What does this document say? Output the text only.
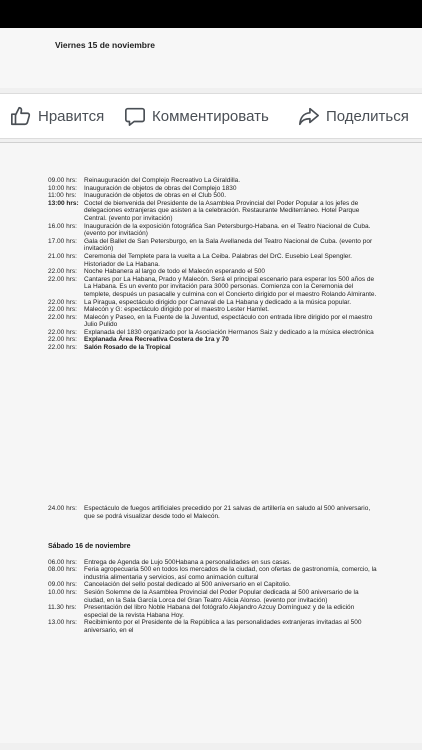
Viernes 15 de noviembre
Нравится	Комментировать	Поделиться
09.00 hrs:	Reinauguración del Complejo Recreativo La Giraldilla.
10:00 hrs:	Inauguración de objetos de obras del Complejo 1830
11:00 hrs:	Inauguración de objetos de obras en el Club 500.
13:00 hrs: Coctel de bienvenida del Presidente de la Asamblea Provincial del Poder Popular a los jefes de delegaciones extranjeras que asisten a la celebración. Restaurante Mediterráneo. Hotel Parque Central. (evento por invitación)
16.00 hrs:	Inauguración de la exposición fotográfica San Petersburgo-Habana. en el Teatro Nacional de Cuba. (evento por invitación)
17.00 hrs:	Gala del Ballet de San Petersburgo, en la Sala Avellaneda del Teatro Nacional de Cuba. (evento por invitación)
21.00 hrs:	Ceremonia del Templete para la vuelta a La Ceiba. Palabras del DrC. Eusebio Leal Spengler. Historiador de La Habana.
22.00 hrs:	Noche Habanera al largo de todo el Malecón esperando el 500
22.00 hrs:	Cantares por La Habana, Prado y Malecón. Será el principal escenario para esperar los 500 años de La Habana. Es un evento por invitación para 3000 personas. Comienza con la Ceremonia del templete, después un pasacalle y culmina con el Concierto dirigido por el maestro Rolando Almirante.
22.00 hrs:	La Piragua, espectáculo dirigido por Carnaval de La Habana y dedicado a la música popular.
22.00 hrs:	Malecón y G: espectáculo dirigido por el maestro Lester Hamlet.
22.00 hrs:	Malecón y Paseo, en la Fuente de la Juventud, espectáculo con entrada libre dirigido por el maestro Julio Pulido
22.00 hrs:	Explanada del 1830 organizado por la Asociación Hermanos Saiz y dedicado a la música electrónica
22.00 hrs:	Explanada Área Recreativa Costera de 1ra y 70
22.00 hrs:	Salón Rosado de la Tropical
24.00 hrs:	Espectáculo de fuegos artificiales precedido por 21 salvas de artillería en saludo al 500 aniversario, que se podrá visualizar desde todo el Malecón.
Sábado 16 de noviembre
06.00 hrs:	Entrega de Agenda de Lujo 500Habana a personalidades en sus casas.
08.00 hrs:	Feria agropecuaria 500 en todos los mercados de la ciudad, con ofertas de gastronomía, comercio, la industria alimentaria y servicios, así como animación cultural
09.00 hrs:	Cancelación del sello postal dedicado al 500 aniversario en el Capitolio.
10.00 hrs:	Sesión Solemne de la Asamblea Provincial del Poder Popular dedicada al 500 aniversario de la ciudad, en la Sala García Lorca del Gran Teatro Alicia Alonso. (evento por invitación)
11.30 hrs:	Presentación del libro Noble Habana del fotógrafo Alejandro Azcuy Domínguez y de la edición especial de la revista Habana Hoy.
13.00 hrs:	Recibimiento por el Presidente de la República a las personalidades extranjeras invitadas al 500 aniversario, en el
